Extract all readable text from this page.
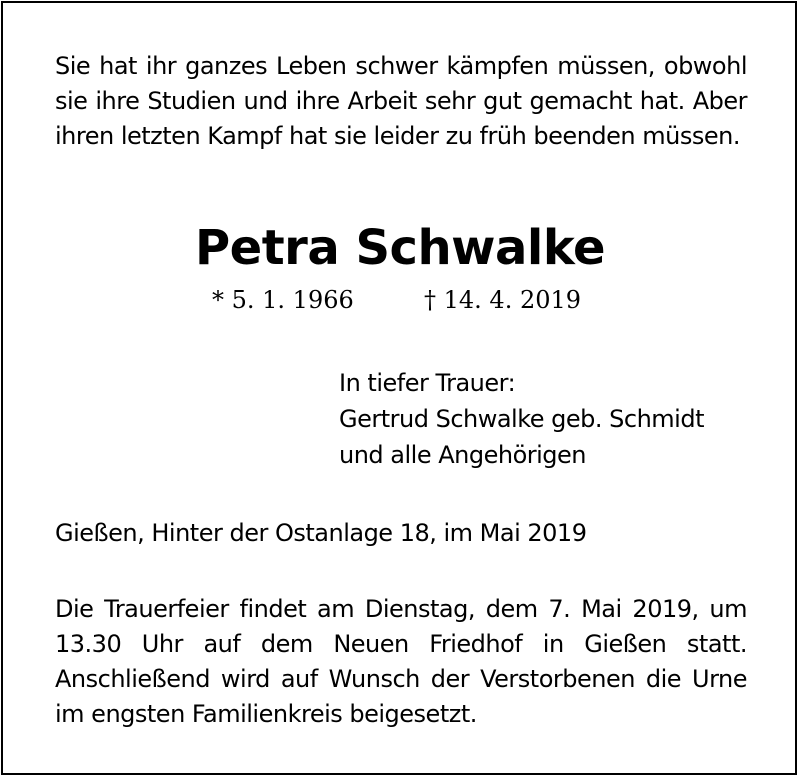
Sie hat ihr ganzes Leben schwer kämpfen müssen, obwohl sie ihre Studien und ihre Arbeit sehr gut gemacht hat. Aber ihren letzten Kampf hat sie leider zu früh beenden müssen.
Petra Schwalke
* 5. 1. 1966	† 14. 4. 2019
In tiefer Trauer:
Gertrud Schwalke geb. Schmidt
und alle Angehörigen
Gießen, Hinter der Ostanlage 18, im Mai 2019
Die Trauerfeier findet am Dienstag, dem 7. Mai 2019, um 13.30 Uhr auf dem Neuen Friedhof in Gießen statt. Anschließend wird auf Wunsch der Verstorbenen die Urne im engsten Familienkreis beigesetzt.
